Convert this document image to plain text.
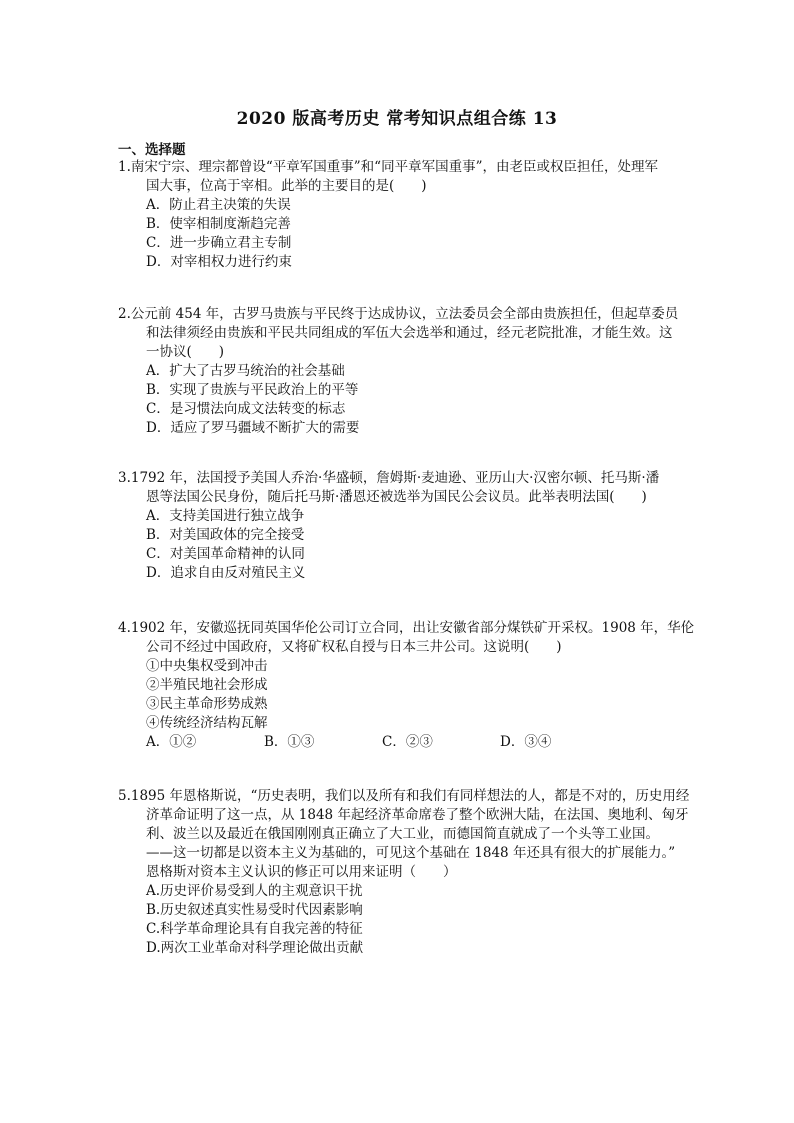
2020 版高考历史 常考知识点组合练 13
一、选择题
1.南宋宁宗、理宗都曾设“平章军国重事”和“同平章军国重事”，由老臣或权臣担任，处理军
国大事，位高于宰相。此举的主要目的是(　　)
A．防止君主决策的失误
B．使宰相制度渐趋完善
C．进一步确立君主专制
D．对宰相权力进行约束
2.公元前 454 年，古罗马贵族与平民终于达成协议，立法委员会全部由贵族担任，但起草委员
和法律须经由贵族和平民共同组成的军伍大会选举和通过，经元老院批准，才能生效。这
一协议(　　)
A．扩大了古罗马统治的社会基础
B．实现了贵族与平民政治上的平等
C．是习惯法向成文法转变的标志
D．适应了罗马疆域不断扩大的需要
3.1792 年，法国授予美国人乔治·华盛顿，詹姆斯·麦迪逊、亚历山大·汉密尔顿、托马斯·潘
恩等法国公民身份，随后托马斯·潘恩还被选举为国民公会议员。此举表明法国(　　)
A．支持美国进行独立战争
B．对美国政体的完全接受
C．对美国革命精神的认同
D．追求自由反对殖民主义
4.1902 年，安徽巡抚同英国华伦公司订立合同，出让安徽省部分煤铁矿开采权。1908 年，华伦
公司不经过中国政府，又将矿权私自授与日本三井公司。这说明(　　)
①中央集权受到冲击
②半殖民地社会形成
③民主革命形势成熟
④传统经济结构瓦解
A．①②	B．①③	C．②③	D．③④
5.1895 年恩格斯说，“历史表明，我们以及所有和我们有同样想法的人，都是不对的，历史用经
济革命证明了这一点，从 1848 年起经济革命席卷了整个欧洲大陆，在法国、奥地利、匈牙
利、波兰以及最近在俄国刚刚真正确立了大工业，而德国简直就成了一个头等工业国。
——这一切都是以资本主义为基础的，可见这个基础在 1848 年还具有很大的扩展能力。”
恩格斯对资本主义认识的修正可以用来证明（　　）
A.历史评价易受到人的主观意识干扰
B.历史叙述真实性易受时代因素影响
C.科学革命理论具有自我完善的特征
D.两次工业革命对科学理论做出贡献
